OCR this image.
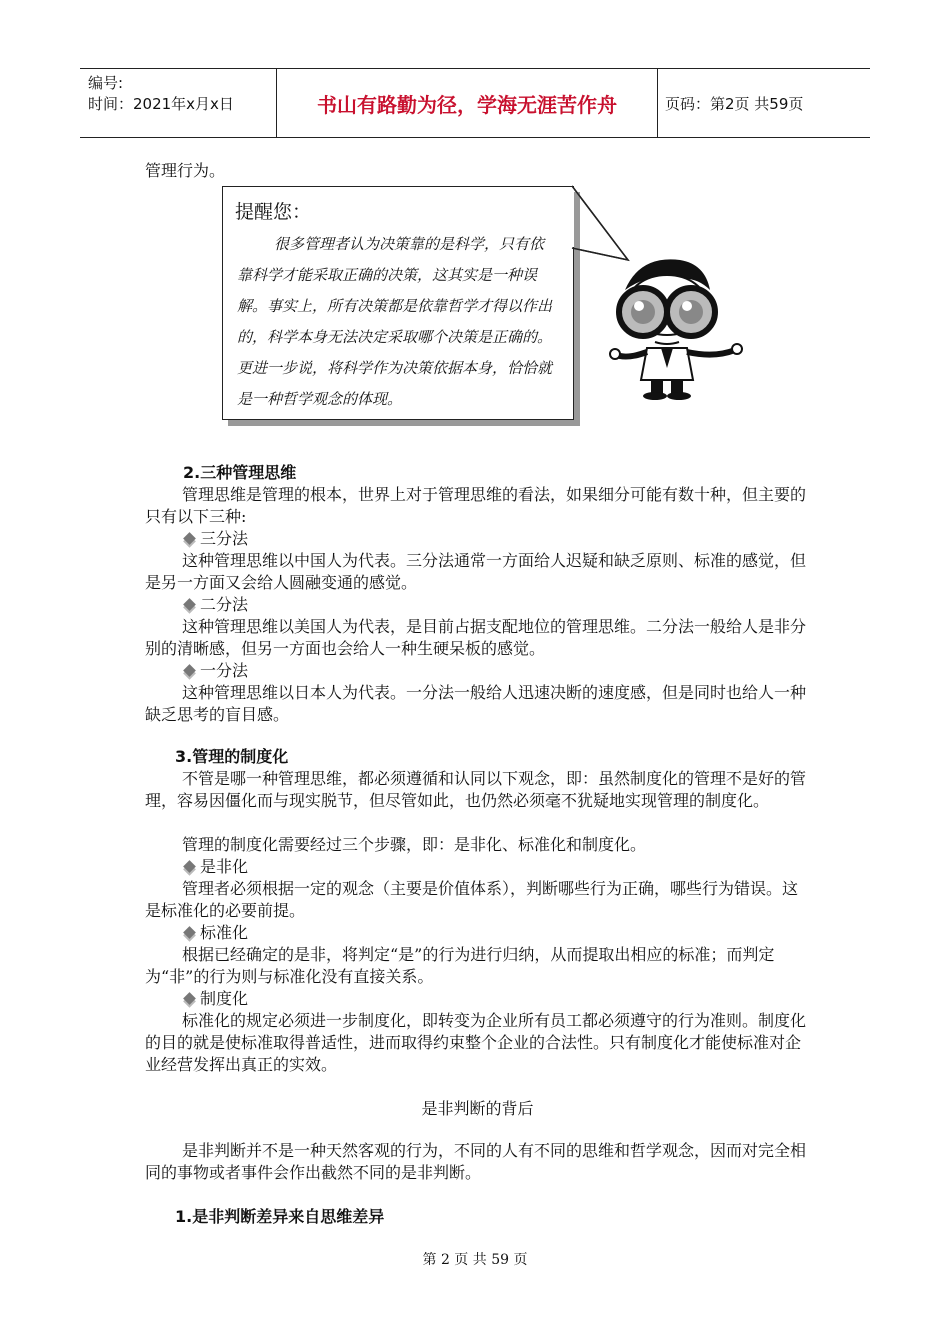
编号:
时间：2021年x月x日	书山有路勤为径，学海无涯苦作舟	页码：第2页 共59页

管理行为。

提醒您：
很多管理者认为决策靠的是科学，只有依靠科学才能采取正确的决策，这其实是一种误解。事实上，所有决策都是依靠哲学才得以作出的，科学本身无法决定采取哪个决策是正确的。更进一步说，将科学作为决策依据本身，恰恰就是一种哲学观念的体现。

2.三种管理思维

管理思维是管理的根本，世界上对于管理思维的看法，如果细分可能有数十种，但主要的只有以下三种:

三分法

这种管理思维以中国人为代表。三分法通常一方面给人迟疑和缺乏原则、标准的感觉，但是另一方面又会给人圆融变通的感觉。

二分法

这种管理思维以美国人为代表，是目前占据支配地位的管理思维。二分法一般给人是非分别的清晰感，但另一方面也会给人一种生硬呆板的感觉。

一分法

这种管理思维以日本人为代表。一分法一般给人迅速决断的速度感，但是同时也给人一种缺乏思考的盲目感。

3.管理的制度化

不管是哪一种管理思维，都必须遵循和认同以下观念，即：虽然制度化的管理不是好的管理，容易因僵化而与现实脱节，但尽管如此，也仍然必须毫不犹疑地实现管理的制度化。

管理的制度化需要经过三个步骤，即：是非化、标准化和制度化。

是非化

管理者必须根据一定的观念（主要是价值体系），判断哪些行为正确，哪些行为错误。这是标准化的必要前提。

标准化

根据已经确定的是非，将判定“是”的行为进行归纳，从而提取出相应的标准；而判定为“非”的行为则与标准化没有直接关系。

制度化

标准化的规定必须进一步制度化，即转变为企业所有员工都必须遵守的行为准则。制度化的目的就是使标准取得普适性，进而取得约束整个企业的合法性。只有制度化才能使标准对企业经营发挥出真正的实效。

是非判断的背后

是非判断并不是一种天然客观的行为，不同的人有不同的思维和哲学观念，因而对完全相同的事物或者事件会作出截然不同的是非判断。

1.是非判断差异来自思维差异

第 2 页 共 59 页
